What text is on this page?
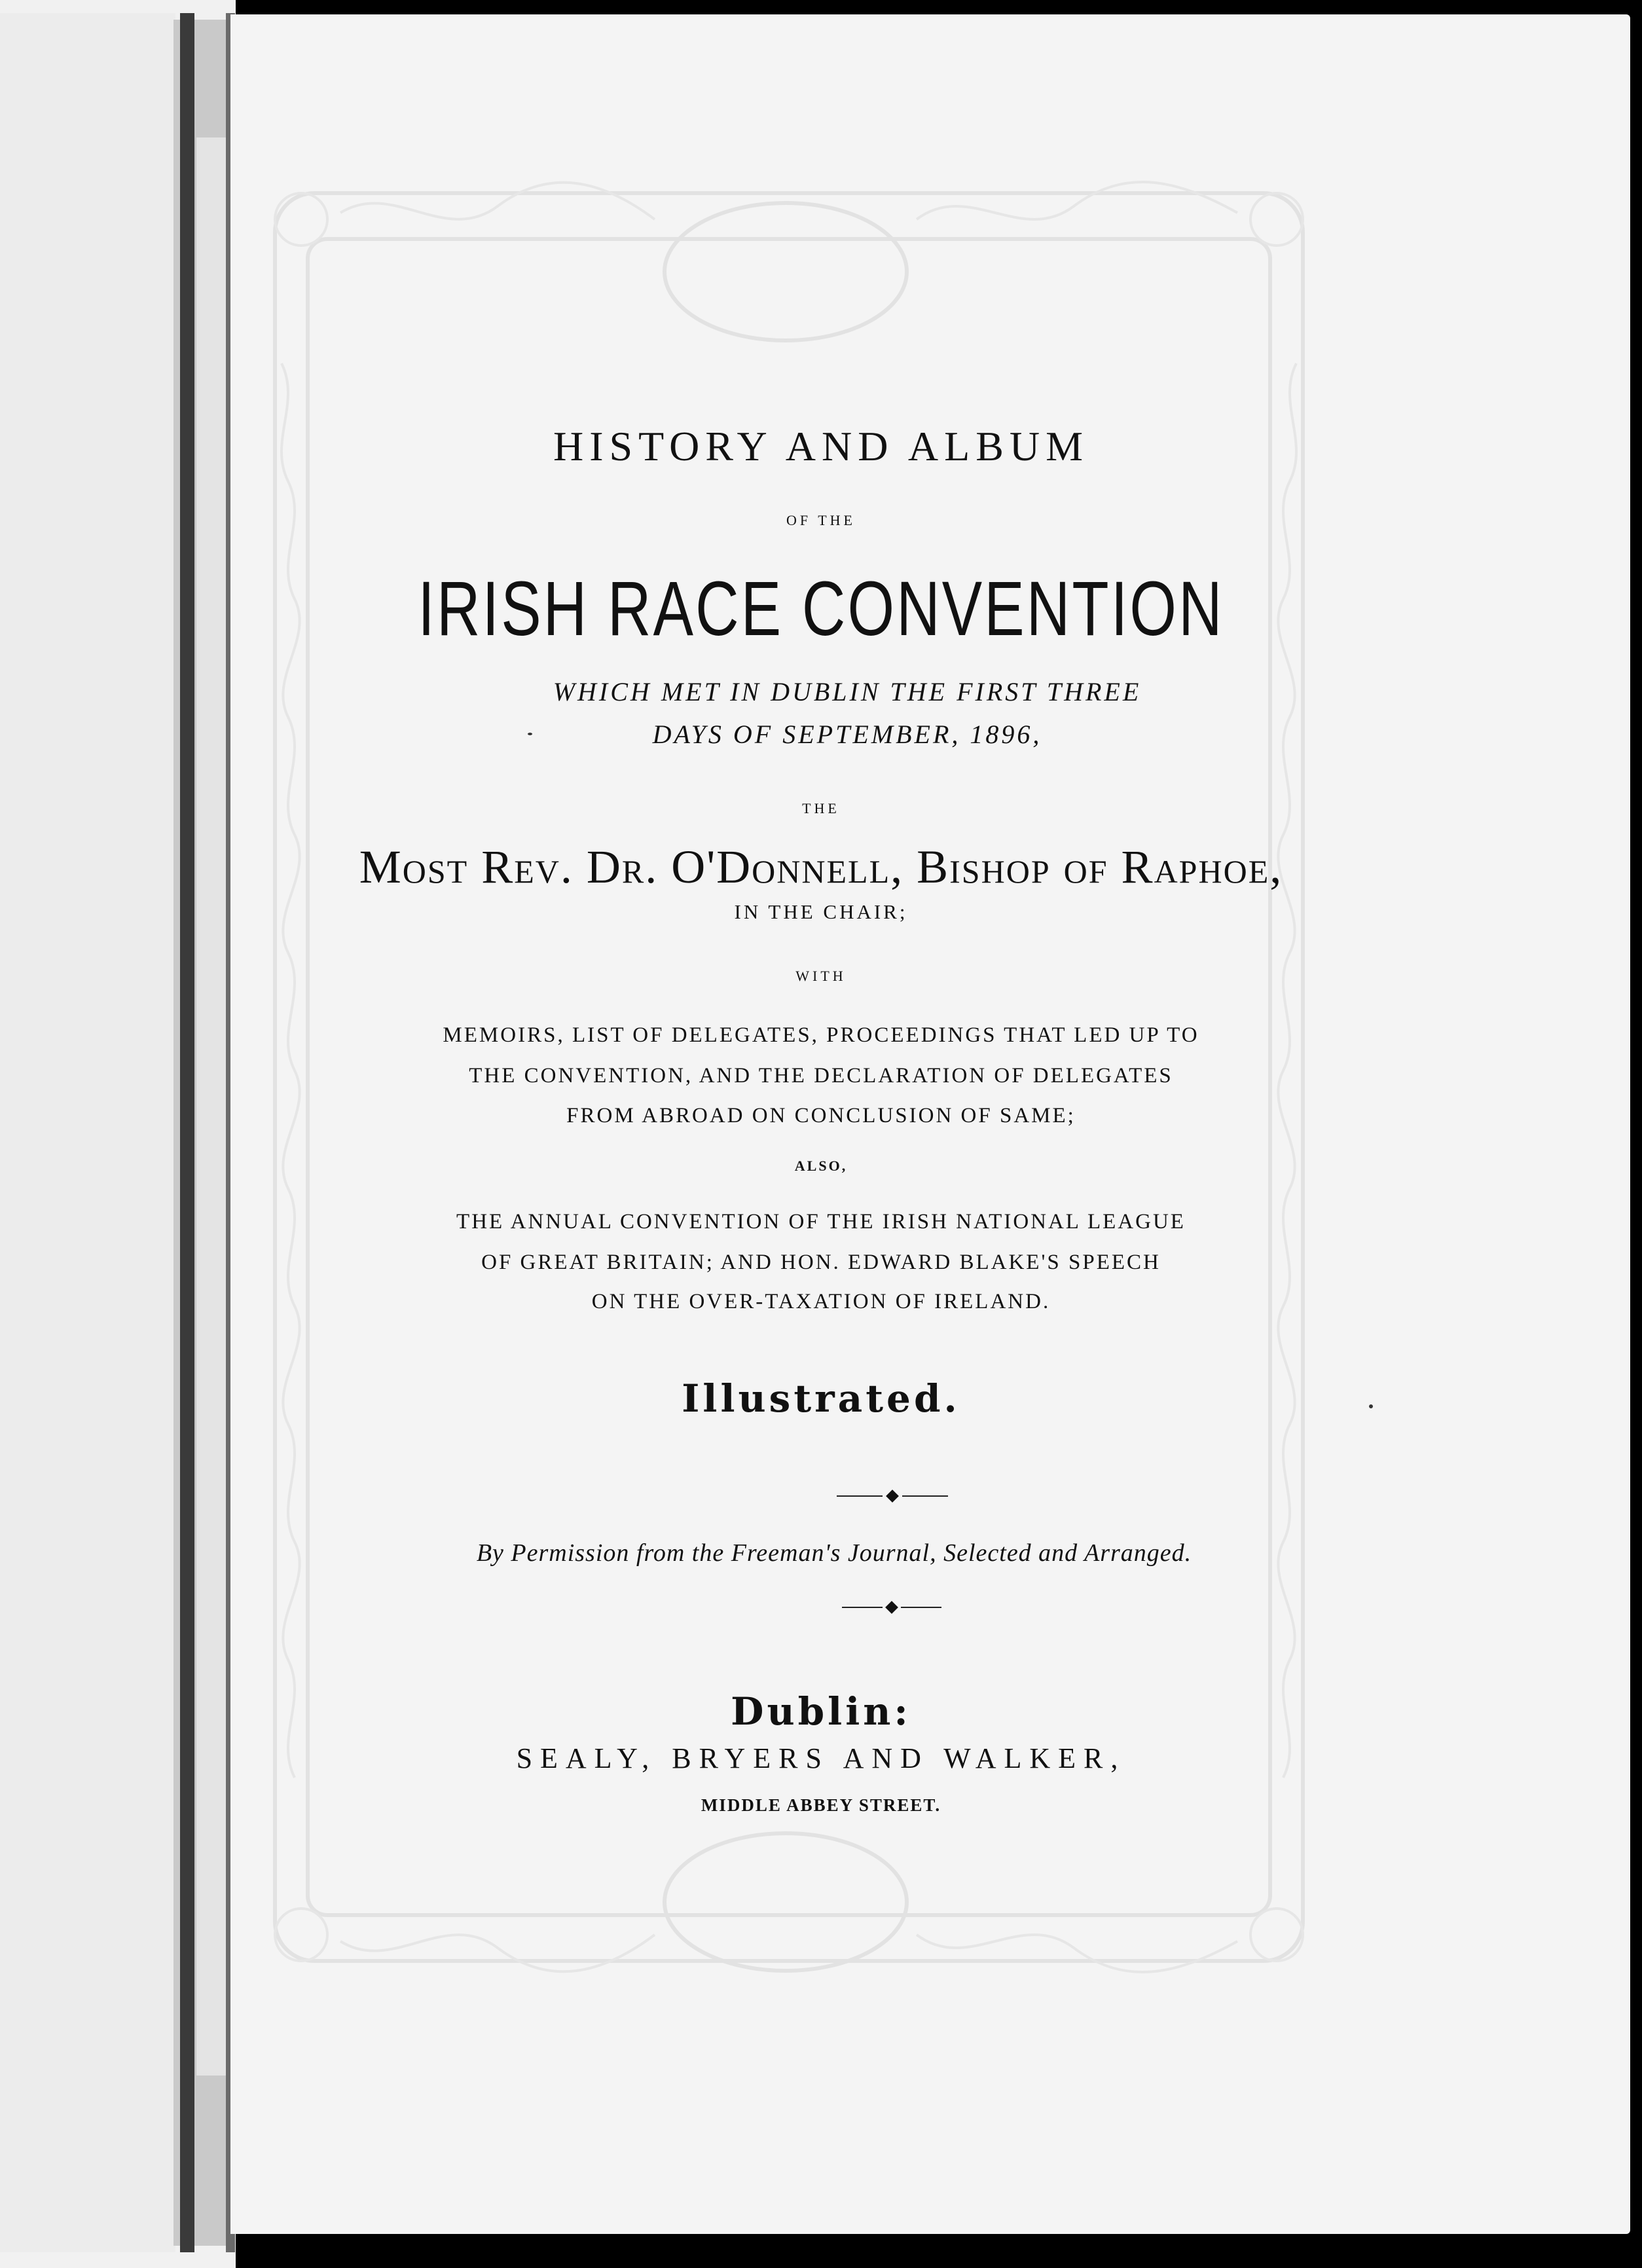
HISTORY AND ALBUM
OF THE
IRISH RACE CONVENTION
WHICH MET IN DUBLIN THE FIRST THREE
DAYS OF SEPTEMBER, 1896,
THE
Most Rev. Dr. O'Donnell, Bishop of Raphoe,
IN THE CHAIR;
WITH
MEMOIRS, LIST OF DELEGATES, PROCEEDINGS THAT LED UP TO
THE CONVENTION, AND THE DECLARATION OF DELEGATES
FROM ABROAD ON CONCLUSION OF SAME;
ALSO,
THE ANNUAL CONVENTION OF THE IRISH NATIONAL LEAGUE
OF GREAT BRITAIN; AND HON. EDWARD BLAKE'S SPEECH
ON THE OVER-TAXATION OF IRELAND.
Illustrated.
By Permission from the Freeman's Journal, Selected and Arranged.
Dublin:
SEALY, BRYERS AND WALKER,
MIDDLE ABBEY STREET.
